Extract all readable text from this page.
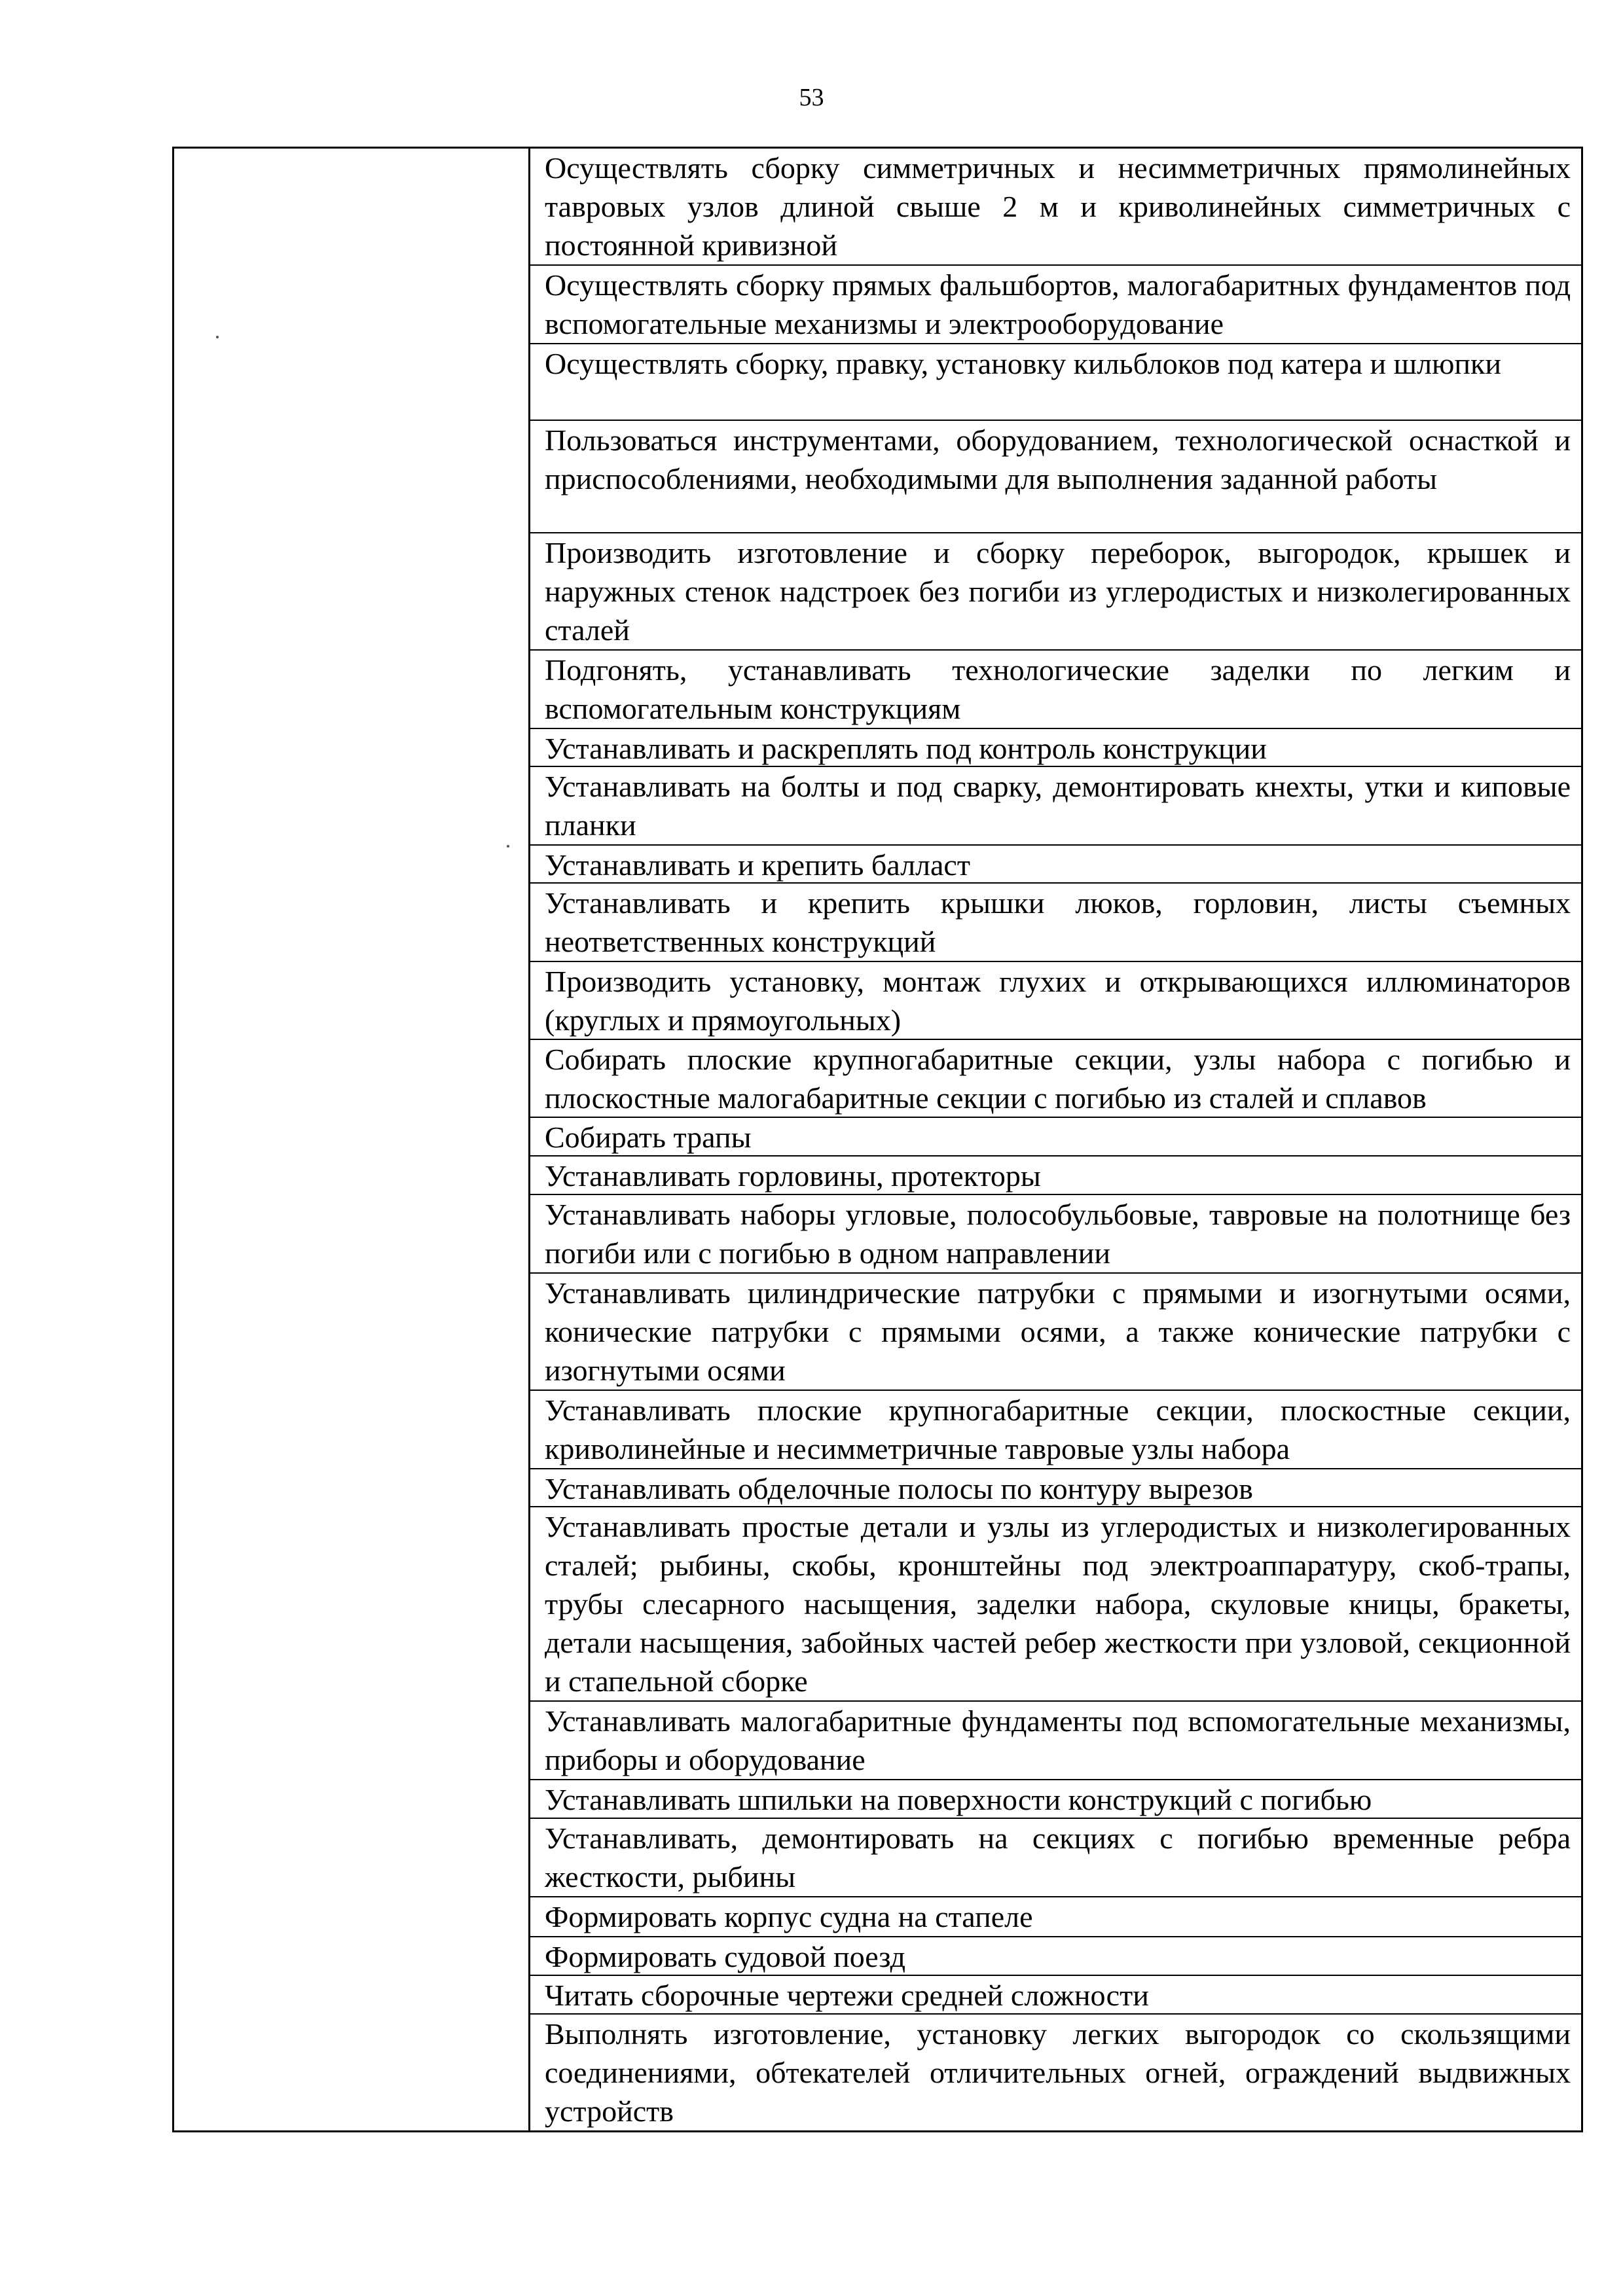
53
Осуществлять сборку симметричных и несимметричных прямолинейных тавровых узлов длиной свыше 2 м и криволинейных симметричных с постоянной кривизной
Осуществлять сборку прямых фальшбортов, малогабаритных фундаментов под вспомогательные механизмы и электрооборудование
Осуществлять сборку, правку, установку кильблоков под катера и шлюпки
Пользоваться инструментами, оборудованием, технологической оснасткой и приспособлениями, необходимыми для выполнения заданной работы
Производить изготовление и сборку переборок, выгородок, крышек и наружных стенок надстроек без погиби из углеродистых и низколегированных сталей
Подгонять, устанавливать технологические заделки по легким и вспомогательным конструкциям
Устанавливать и раскреплять под контроль конструкции
Устанавливать на болты и под сварку, демонтировать кнехты, утки и киповые планки
Устанавливать и крепить балласт
Устанавливать и крепить крышки люков, горловин, листы съемных неответственных конструкций
Производить установку, монтаж глухих и открывающихся иллюминаторов (круглых и прямоугольных)
Собирать плоские крупногабаритные секции, узлы набора с погибью и плоскостные малогабаритные секции с погибью из сталей и сплавов
Собирать трапы
Устанавливать горловины, протекторы
Устанавливать наборы угловые, полособульбовые, тавровые на полотнище без погиби или с погибью в одном направлении
Устанавливать цилиндрические патрубки с прямыми и изогнутыми осями, конические патрубки с прямыми осями, а также конические патрубки с изогнутыми осями
Устанавливать плоские крупногабаритные секции, плоскостные секции, криволинейные и несимметричные тавровые узлы набора
Устанавливать обделочные полосы по контуру вырезов
Устанавливать простые детали и узлы из углеродистых и низколегированных сталей; рыбины, скобы, кронштейны под электроаппаратуру, скоб-трапы, трубы слесарного насыщения, заделки набора, скуловые кницы, бракеты, детали насыщения, забойных частей ребер жесткости при узловой, секционной и стапельной сборке
Устанавливать малогабаритные фундаменты под вспомогательные механизмы, приборы и оборудование
Устанавливать шпильки на поверхности конструкций с погибью
Устанавливать, демонтировать на секциях с погибью временные ребра жесткости, рыбины
Формировать корпус судна на стапеле
Формировать судовой поезд
Читать сборочные чертежи средней сложности
Выполнять изготовление, установку легких выгородок со скользящими соединениями, обтекателей отличительных огней, ограждений выдвижных устройств
